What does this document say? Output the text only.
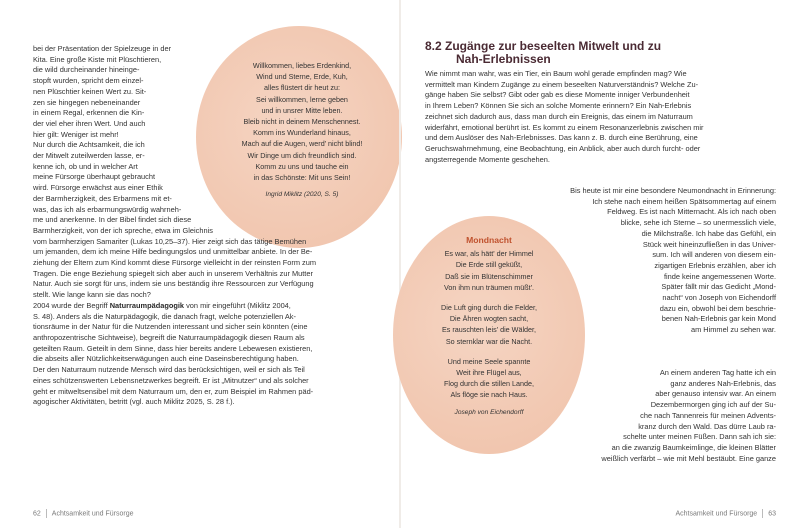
bei der Präsentation der Spielzeuge in der
Kita. Eine große Kiste mit Plüschtieren,
die wild durcheinander hineinge-
stopft wurden, spricht dem einzel-
nen Plüschtier keinen Wert zu. Sit-
zen sie hingegen nebeneinander
in einem Regal, erkennen die Kin-
der viel eher ihren Wert. Und auch
hier gilt: Weniger ist mehr!
Nur durch die Achtsamkeit, die ich
der Mitwelt zuteilwerden lasse, er-
kenne ich, ob und in welcher Art
meine Fürsorge überhaupt gebraucht
wird. Fürsorge erwächst aus einer Ethik
der Barmherzigkeit, des Erbarmens mit et-
was, das ich als erbarmungswürdig wahrneh-
me und anerkenne. In der Bibel findet sich diese
Barmherzigkeit, von der ich spreche, etwa im Gleichnis
vom barmherzigen Samariter (Lukas 10,25–37). Hier zeigt sich das tätige Bemühen
um jemanden, dem ich meine Hilfe bedingungslos und unmittelbar anbiete. In der Be-
ziehung der Eltern zum Kind kommt diese Fürsorge vielleicht in der reinsten Form zum
Tragen. Die enge Beziehung spiegelt sich aber auch in unserem Verhältnis zur Mutter
Natur. Auch sie sorgt für uns, indem sie uns beständig ihre Ressourcen zur Verfügung
stellt. Wie lange kann sie das noch?
2004 wurde der Begriff Naturraumpädagogik von mir eingeführt (Miklitz 2004,
S. 48). Anders als die Naturpädagogik, die danach fragt, welche potenziellen Ak-
tionsräume in der Natur für die Nutzenden interessant und sicher sein könnten (eine
anthropozentrische Sichtweise), begreift die Naturraumpädagogik diesen Raum als
geteilten Raum. Geteilt in dem Sinne, dass hier bereits andere Lebewesen existieren,
die abseits aller Nützlichkeitserwägungen auch eine Daseinsberechtigung haben.
Der den Naturraum nutzende Mensch wird das berücksichtigen, weil er sich als Teil
eines schützenswerten Lebensnetzwerkes begreift. Er ist „Mitnutzer“ und als solcher
geht er mitweltsensibel mit dem Naturraum um, den er, zum Beispiel im Rahmen päd-
agogischer Aktivitäten, betritt (vgl. auch Miklitz 2025, S. 28 f.).
Willkommen, liebes Erdenkind,
Wind und Sterne, Erde, Kuh,
alles flüstert dir heut zu:
Sei willkommen, lerne geben
und in unsrer Mitte leben.
Bleib nicht in deinem Menschennest.
Komm ins Wunderland hinaus,
Mach auf die Augen, werd' nicht blind!
Wir Dinge um dich freundlich sind.
Komm zu uns und tauche ein
in das Schönste: Mit uns Sein!
Ingrid Miklitz (2020, S. 5)
62 Achtsamkeit und Fürsorge
8.2 Zugänge zur beseelten Mitwelt und zu
Nah-Erlebnissen
Wie nimmt man wahr, was ein Tier, ein Baum wohl gerade empfinden mag? Wie
vermittelt man Kindern Zugänge zu einem beseelten Naturverständnis? Welche Zu-
gänge haben Sie selbst? Gibt oder gab es diese Momente inniger Verbundenheit
in Ihrem Leben? Können Sie sich an solche Momente erinnern? Ein Nah-Erlebnis
zeichnet sich dadurch aus, dass man durch ein Ereignis, das einem im Naturraum
widerfährt, emotional berührt ist. Es kommt zu einem Resonanzerlebnis zwischen mir
und dem Auslöser des Nah-Erlebnisses. Das kann z. B. durch eine Berührung, eine
Geruchswahrnehmung, eine Beobachtung, ein Anblick, aber auch durch furcht- oder
angsterregende Momente geschehen.
Mondnacht
Es war, als hätt' der Himmel
Die Erde still geküßt,
Daß sie im Blütenschimmer
Von ihm nun träumen müßt'.
Die Luft ging durch die Felder,
Die Ähren wogten sacht,
Es rauschten leis' die Wälder,
So sternklar war die Nacht.
Und meine Seele spannte
Weit ihre Flügel aus,
Flog durch die stillen Lande,
Als flöge sie nach Haus.
Joseph von Eichendorff
Bis heute ist mir eine besondere Neumondnacht in Erinnerung:
Ich stehe nach einem heißen Spätsommertag auf einem
Feldweg. Es ist nach Mitternacht. Als ich nach oben
blicke, sehe ich Sterne – so unermesslich viele,
die Milchstraße. Ich habe das Gefühl, ein
Stück weit hineinzufließen in das Univer-
sum. Ich will anderen von diesem ein-
zigartigen Erlebnis erzählen, aber ich
finde keine angemessenen Worte.
Später fällt mir das Gedicht „Mond-
nacht“ von Joseph von Eichendorff
dazu ein, obwohl bei dem beschrie-
benen Nah-Erlebnis gar kein Mond
am Himmel zu sehen war.
An einem anderen Tag hatte ich ein
ganz anderes Nah-Erlebnis, das
aber genauso intensiv war. An einem
Dezembermorgen ging ich auf der Su-
che nach Tannenreis für meinen Advents-
kranz durch den Wald. Das dürre Laub ra-
schelte unter meinen Füßen. Dann sah ich sie:
an die zwanzig Baumkeimlinge, die kleinen Blätter
weißlich verfärbt – wie mit Mehl bestäubt. Eine ganze
Achtsamkeit und Fürsorge 63
